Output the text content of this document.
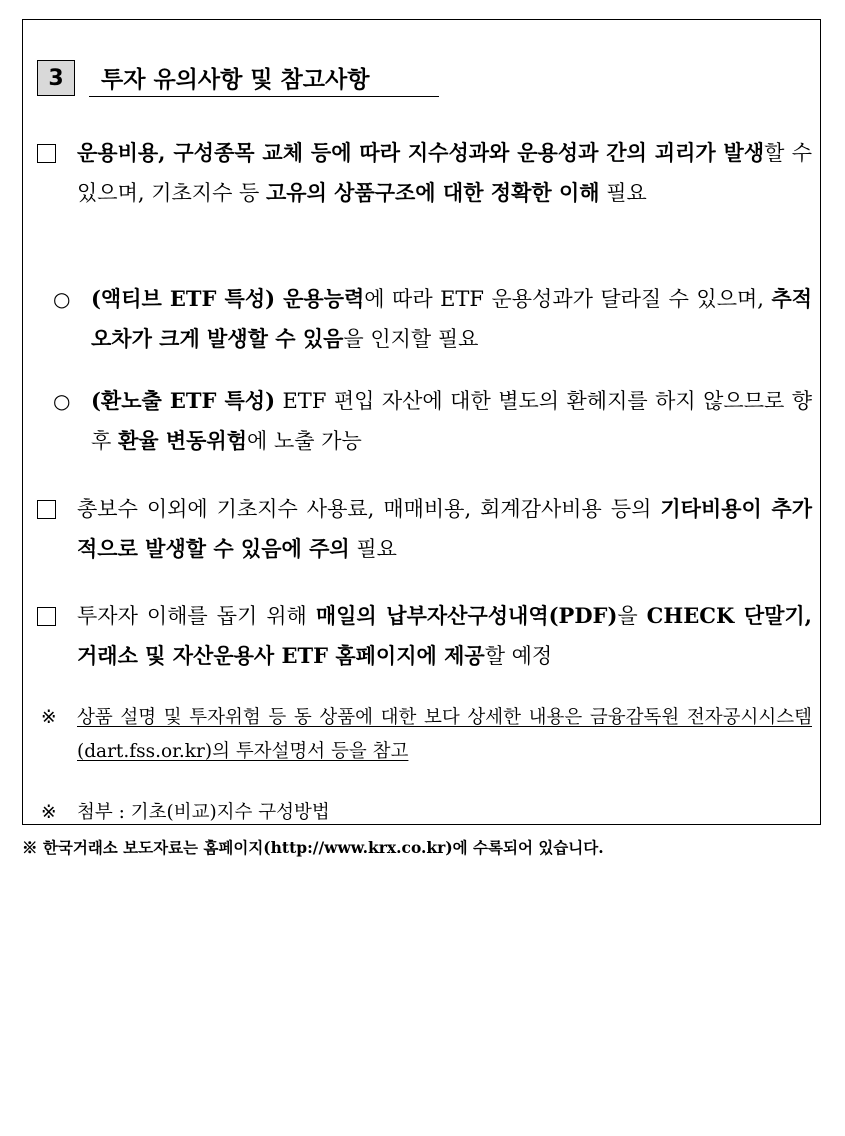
3	투자 유의사항 및 참고사항
운용비용, 구성종목 교체 등에 따라 지수성과와 운용성과 간의 괴리가 발생할 수 있으며, 기초지수 등 고유의 상품구조에 대한 정확한 이해 필요
○ (액티브 ETF 특성) 운용능력에 따라 ETF 운용성과가 달라질 수 있으며, 추적오차가 크게 발생할 수 있음을 인지할 필요
○ (환노출 ETF 특성) ETF 편입 자산에 대한 별도의 환헤지를 하지 않으므로 향후 환율 변동위험에 노출 가능
총보수 이외에 기초지수 사용료, 매매비용, 회계감사비용 등의 기타비용이 추가적으로 발생할 수 있음에 주의 필요
투자자 이해를 돕기 위해 매일의 납부자산구성내역(PDF)을 CHECK 단말기, 거래소 및 자산운용사 ETF 홈페이지에 제공할 예정
※	상품 설명 및 투자위험 등 동 상품에 대한 보다 상세한 내용은 금융감독원 전자공시시스템(dart.fss.or.kr)의 투자설명서 등을 참고
※	첨부 : 기초(비교)지수 구성방법
※ 한국거래소 보도자료는 홈페이지(http://www.krx.co.kr)에 수록되어 있습니다.
